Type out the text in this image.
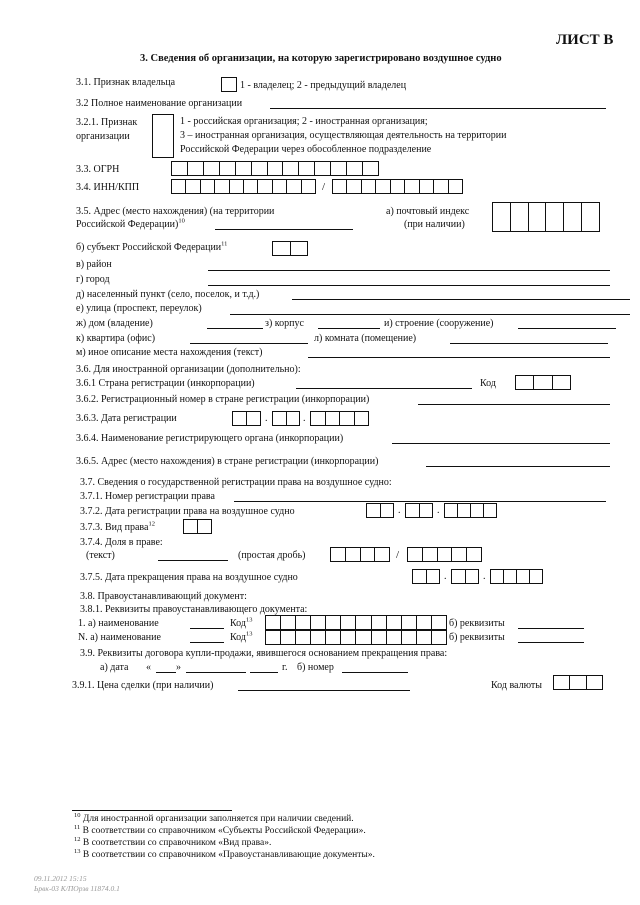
ЛИСТ В
3. Сведения об организации, на которую зарегистрировано воздушное судно
3.1. Признак владельца	1 - владелец; 2 - предыдущий владелец
3.2 Полное наименование организации
3.2.1. Признак
организации
1 - российская организация; 2 - иностранная организация;
3 – иностранная организация, осуществляющая деятельность на территории
Российской Федерации через обособленное подразделение
3.3. ОГРН
3.4. ИНН/КПП	/
3.5. Адрес (место нахождения) (на территории
Российской Федерации)$^{10}$
а) почтовый индекс
(при наличии)
б) субъект Российской Федерации$^{11}$
в) район
г) город
д) населенный пункт (село, поселок, и т.д.)
е) улица (проспект, переулок)
ж) дом (владение)	з) корпус	и) строение (сооружение)
к) квартира (офис)	л) комната (помещение)
м) иное описание места нахождения (текст)
3.6. Для иностранной организации (дополнительно):
3.6.1 Страна регистрации (инкорпорации)	Код
3.6.2. Регистрационный номер в стране регистрации (инкорпорации)
3.6.3. Дата регистрации	.	.
3.6.4. Наименование регистрирующего органа (инкорпорации)
3.6.5. Адрес (место нахождения) в стране регистрации (инкорпорации)
3.7. Сведения о государственной регистрации права на воздушное судно:
3.7.1. Номер регистрации права
3.7.2. Дата регистрации права на воздушное судно	.	.
3.7.3. Вид права$^{12}$
3.7.4. Доля в праве:
(текст)	(простая дробь)	/
3.7.5. Дата прекращения права на воздушное судно	.	.
3.8. Правоустанавливающий документ:
3.8.1. Реквизиты правоустанавливающего документа:
1. а) наименование	Код$^{13}$	б) реквизиты
N. а) наименование	Код$^{13}$	б) реквизиты
3.9. Реквизиты договора купли-продажи, явившегося основанием прекращения права:
а) дата «	»	г. б) номер
3.9.1. Цена сделки (при наличии)	Код валюты
$^{10}$ Для иностранной организации заполняется при наличии сведений.
$^{11}$ В соответствии со справочником «Субъекты Российской Федерации».
$^{12}$ В соответствии со справочником «Вид права».
$^{13}$ В соответствии со справочником «Правоустанавливающие документы».
09.11.2012 15:15
Ьрвк-03 К/ПОрзв 11874.0.1
